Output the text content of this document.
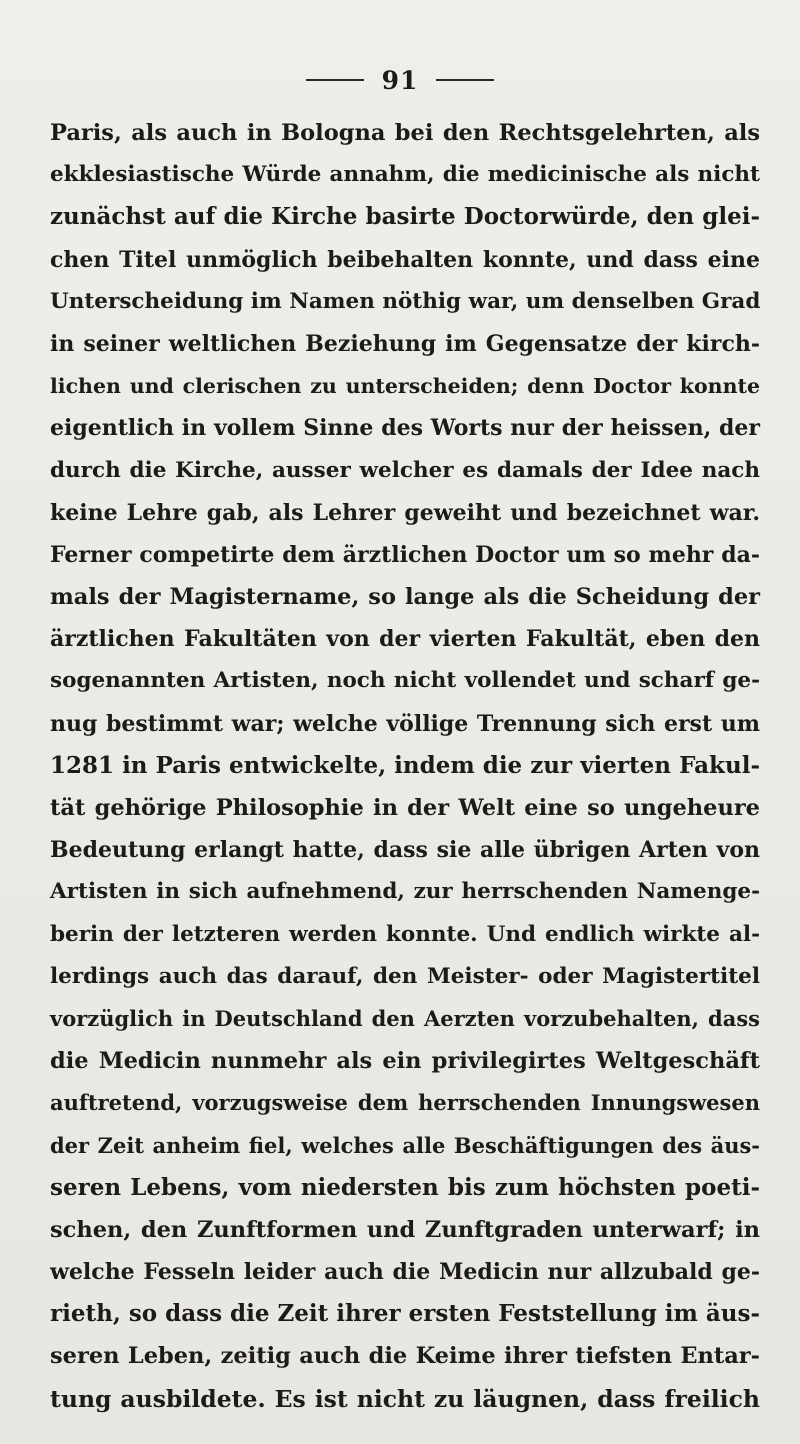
91
Paris, als auch in Bologna bei den Rechtsgelehrten, als
ekklesiastische Würde annahm, die medicinische als nicht
zunächst auf die Kirche basirte Doctorwürde, den glei-
chen Titel unmöglich beibehalten konnte, und dass eine
Unterscheidung im Namen nöthig war, um denselben Grad
in seiner weltlichen Beziehung im Gegensatze der kirch-
lichen und clerischen zu unterscheiden; denn Doctor konnte
eigentlich in vollem Sinne des Worts nur der heissen, der
durch die Kirche, ausser welcher es damals der Idee nach
keine Lehre gab, als Lehrer geweiht und bezeichnet war.
Ferner competirte dem ärztlichen Doctor um so mehr da-
mals der Magistername, so lange als die Scheidung der
ärztlichen Fakultäten von der vierten Fakultät, eben den
sogenannten Artisten, noch nicht vollendet und scharf ge-
nug bestimmt war; welche völlige Trennung sich erst um
1281 in Paris entwickelte, indem die zur vierten Fakul-
tät gehörige Philosophie in der Welt eine so ungeheure
Bedeutung erlangt hatte, dass sie alle übrigen Arten von
Artisten in sich aufnehmend, zur herrschenden Namenge-
berin der letzteren werden konnte. Und endlich wirkte al-
lerdings auch das darauf, den Meister- oder Magistertitel
vorzüglich in Deutschland den Aerzten vorzubehalten, dass
die Medicin nunmehr als ein privilegirtes Weltgeschäft
auftretend, vorzugsweise dem herrschenden Innungswesen
der Zeit anheim fiel, welches alle Beschäftigungen des äus-
seren Lebens, vom niedersten bis zum höchsten poeti-
schen, den Zunftformen und Zunftgraden unterwarf; in
welche Fesseln leider auch die Medicin nur allzubald ge-
rieth, so dass die Zeit ihrer ersten Feststellung im äus-
seren Leben, zeitig auch die Keime ihrer tiefsten Entar-
tung ausbildete. Es ist nicht zu läugnen, dass freilich
